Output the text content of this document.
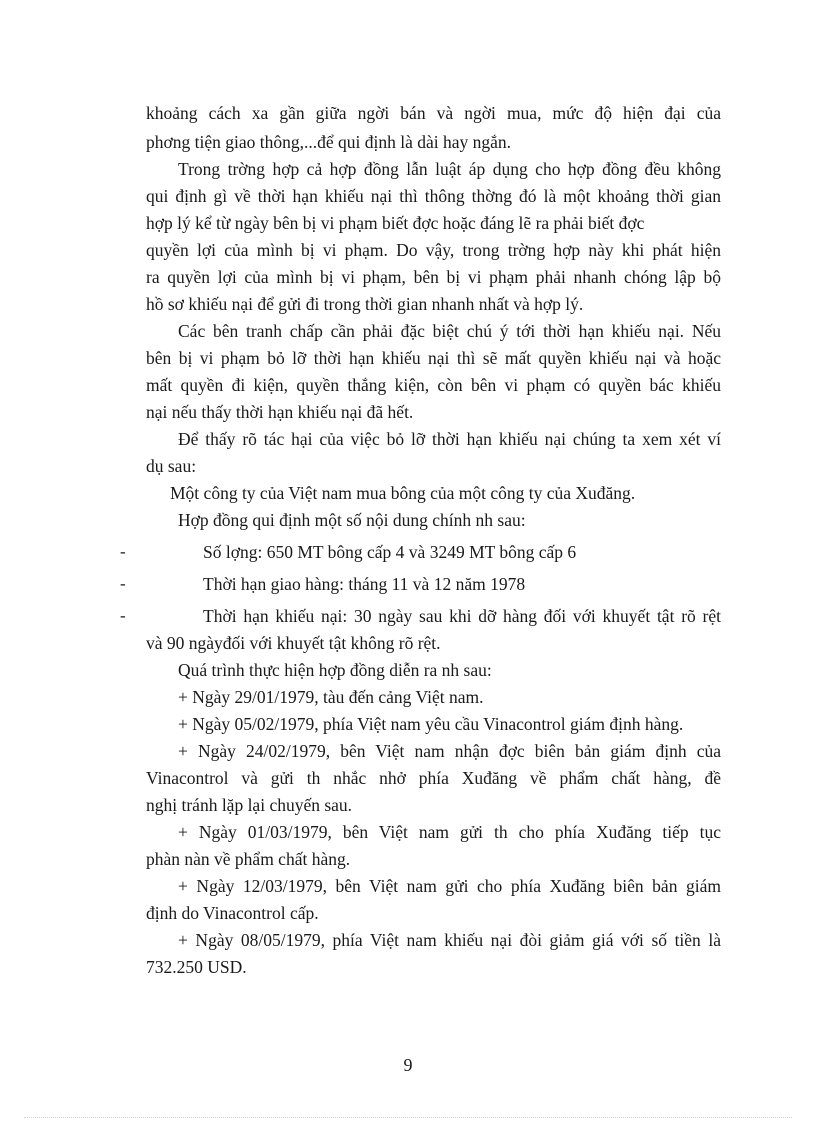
khoảng cách xa gần giữa ngời bán và ngời mua, mức độ hiện đại của
phơng tiện giao thông,...để qui định là dài hay ngắn.
Trong trờng hợp cả hợp đồng lẫn luật áp dụng cho hợp đồng đều không
qui định gì về thời hạn khiếu nại thì thông thờng đó là một khoảng thời gian
hợp lý kể từ ngày bên bị vi phạm biết đợc hoặc đáng lẽ ra phải biết đợc
quyền lợi của mình bị vi phạm. Do vậy, trong trờng hợp này khi phát hiện
ra quyền lợi của mình bị vi phạm, bên bị vi phạm phải nhanh chóng lập bộ
hồ sơ khiếu nại để gửi đi trong thời gian nhanh nhất và hợp lý.
Các bên tranh chấp cần phải đặc biệt chú ý tới thời hạn khiếu nại. Nếu
bên bị vi phạm bỏ lỡ thời hạn khiếu nại thì sẽ mất quyền khiếu nại và hoặc
mất quyền đi kiện, quyền thắng kiện, còn bên vi phạm có quyền bác khiếu
nại nếu thấy thời hạn khiếu nại đã hết.
Để thấy rõ tác hại của việc bỏ lỡ thời hạn khiếu nại chúng ta xem xét ví
dụ sau:
Một công ty của Việt nam mua bông của một công ty của Xuđăng.
Hợp đồng qui định một số nội dung chính nh sau:
-	Số lợng: 650 MT bông cấp 4 và 3249 MT bông cấp 6
-	Thời hạn giao hàng: tháng 11 và 12 năm 1978
-	Thời hạn khiếu nại: 30 ngày sau khi dỡ hàng đối với khuyết tật rõ rệt
và 90 ngàyđối với khuyết tật không rõ rệt.
Quá trình thực hiện hợp đồng diễn ra nh sau:
+ Ngày 29/01/1979, tàu đến cảng Việt nam.
+ Ngày 05/02/1979, phía Việt nam yêu cầu Vinacontrol giám định hàng.
+ Ngày 24/02/1979, bên Việt nam nhận đợc biên bản giám định của
Vinacontrol và gửi th nhắc nhở phía Xuđăng về phẩm chất hàng, đề
nghị tránh lặp lại chuyến sau.
+ Ngày 01/03/1979, bên Việt nam gửi th cho phía Xuđăng tiếp tục
phàn nàn về phẩm chất hàng.
+ Ngày 12/03/1979, bên Việt nam gửi cho phía Xuđăng biên bản giám
định do Vinacontrol cấp.
+ Ngày 08/05/1979, phía Việt nam khiếu nại đòi giảm giá với số tiền là
732.250 USD.
9
